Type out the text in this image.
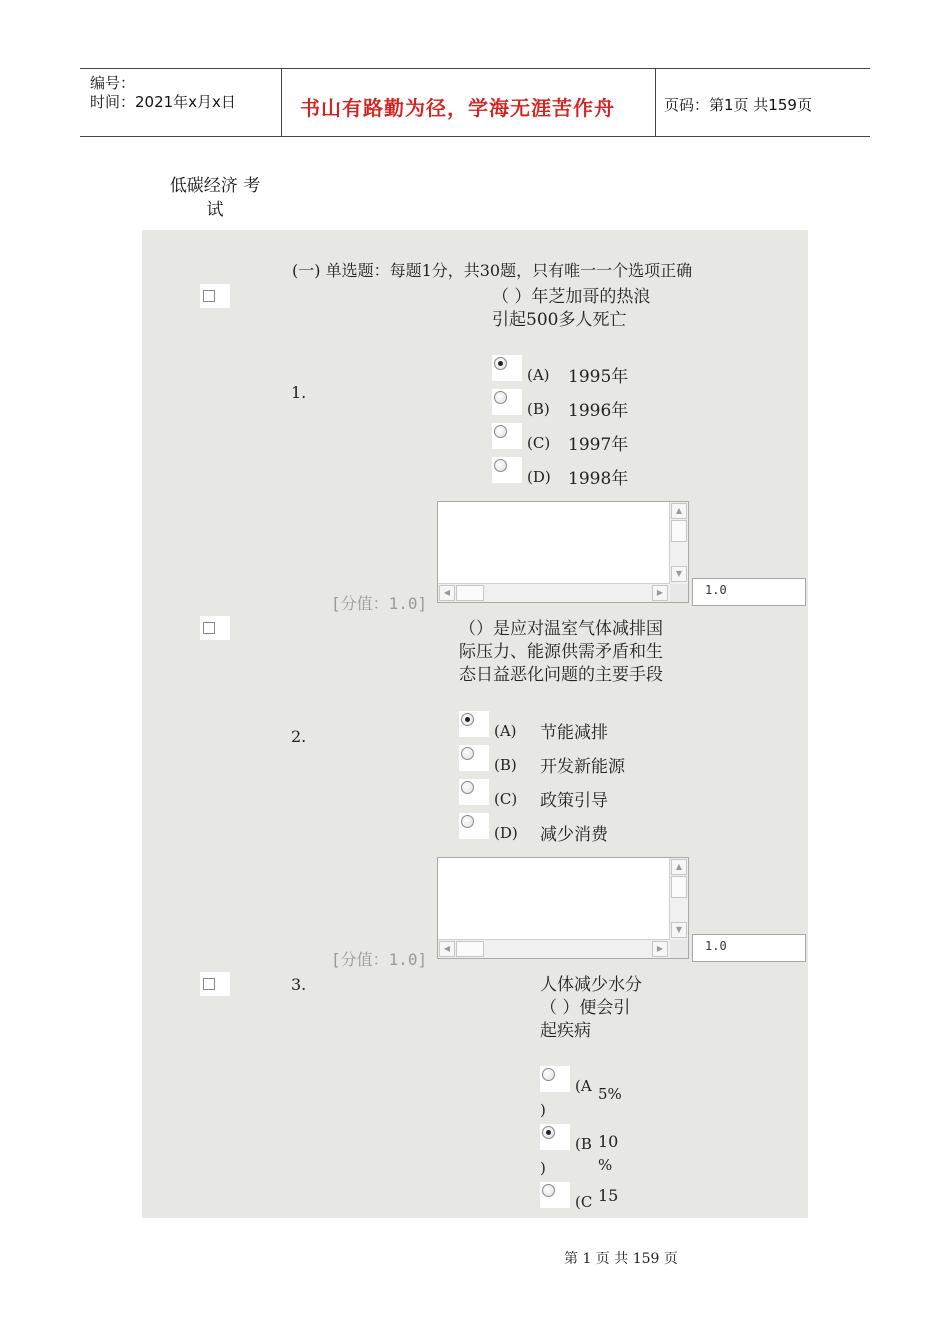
编号：
时间：2021年x月x日	书山有路勤为径，学海无涯苦作舟	页码：第1页 共159页
低碳经济 考
试
(一) 单选题：每题1分，共30题，只有唯一一个选项正确
（ ）年芝加哥的热浪
引起500多人死亡
1.
(A) 1995年
(B) 1996年
(C) 1997年
(D) 1998年
▲
▼
◀	▶
[分值：1.0]
1.0
（）是应对温室气体减排国
际压力、能源供需矛盾和生
态日益恶化问题的主要手段
2.	(A) 节能减排
(B) 开发新能源
(C) 政策引导
(D) 减少消费
▲
▼
◀	▶
[分值：1.0]
1.0
3.	人体减少水分
（ ）便会引
起疾病
(A
)
5%
(B
)
10
%
(C 15
第 1 页 共 159 页
